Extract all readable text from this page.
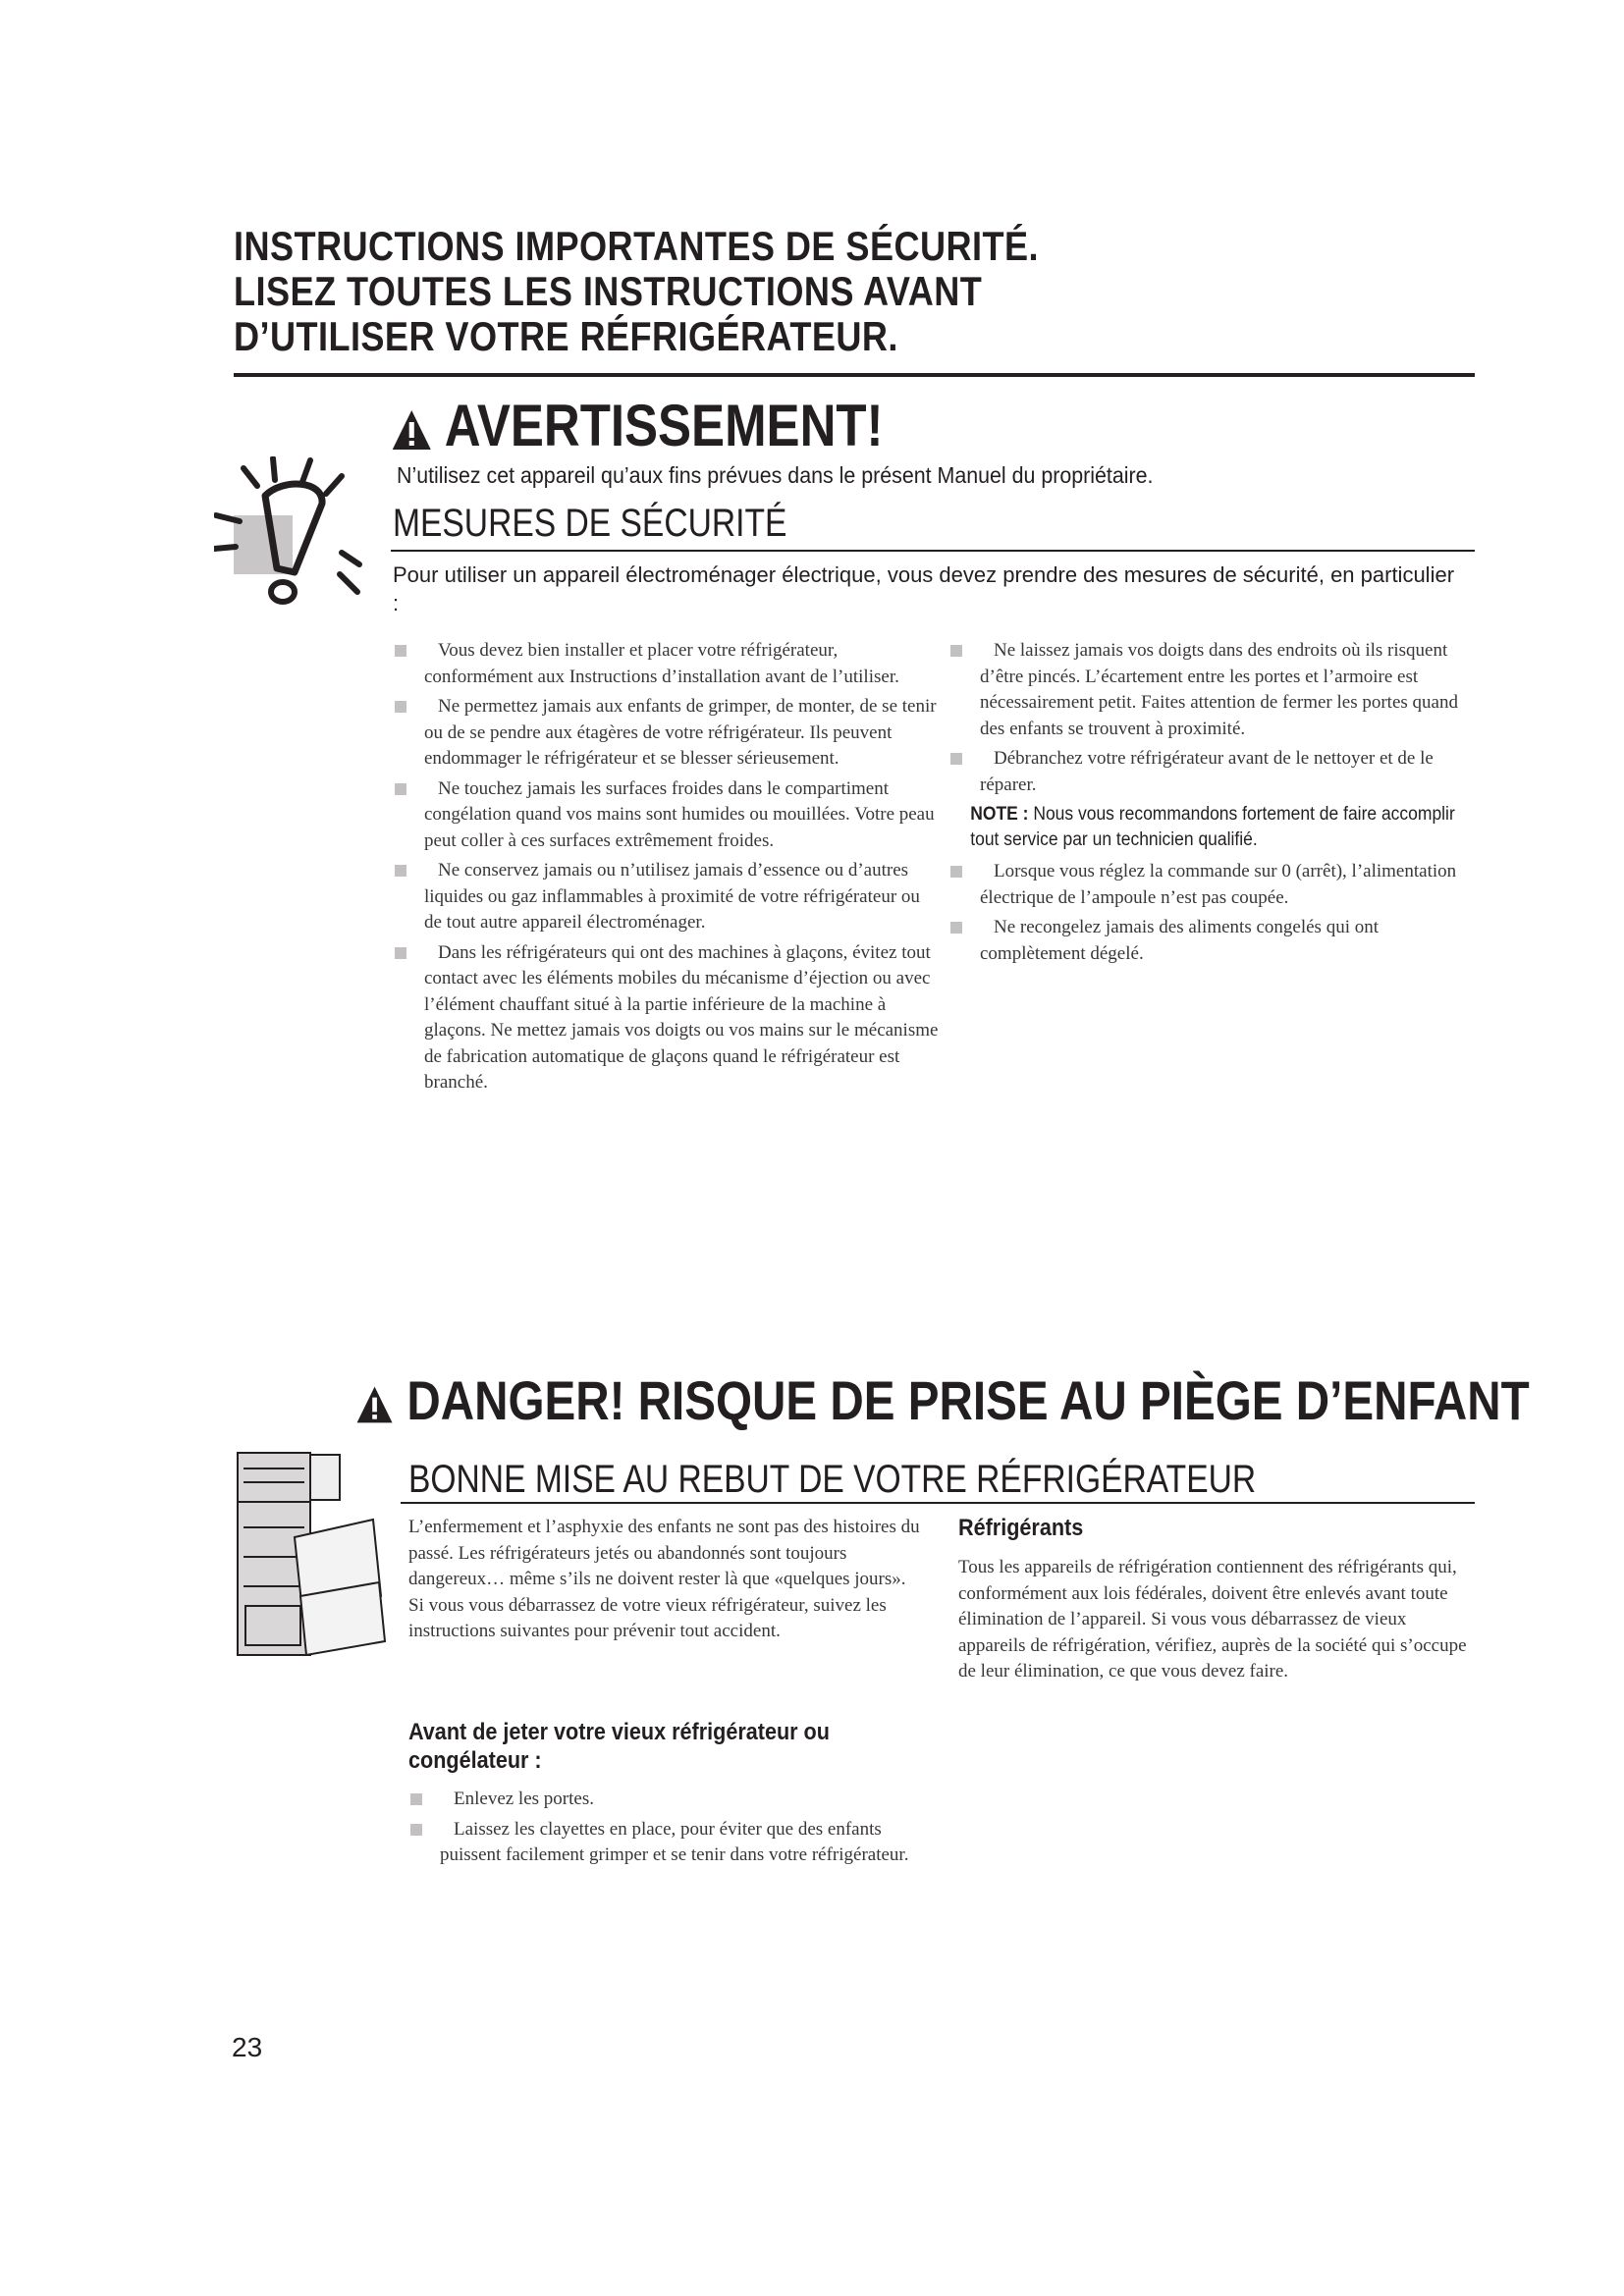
INSTRUCTIONS IMPORTANTES DE SÉCURITÉ.
LISEZ TOUTES LES INSTRUCTIONS AVANT
D’UTILISER VOTRE RÉFRIGÉRATEUR.
AVERTISSEMENT!
N’utilisez cet appareil qu’aux fins prévues dans le présent Manuel du propriétaire.
MESURES DE SÉCURITÉ
Pour utiliser un appareil électroménager électrique, vous devez prendre des mesures de sécurité, en particulier :
Vous devez bien installer et placer votre réfrigérateur, conformément aux Instructions d’installation avant de l’utiliser.
Ne permettez jamais aux enfants de grimper, de monter, de se tenir ou de se pendre aux étagères de votre réfrigérateur. Ils peuvent endommager le réfrigérateur et se blesser sérieusement.
Ne touchez jamais les surfaces froides dans le compartiment congélation quand vos mains sont humides ou mouillées. Votre peau peut coller à ces surfaces extrêmement froides.
Ne conservez jamais ou n’utilisez jamais d’essence ou d’autres liquides ou gaz inflammables à proximité de votre réfrigérateur ou de tout autre appareil électroménager.
Dans les réfrigérateurs qui ont des machines à glaçons, évitez tout contact avec les éléments mobiles du mécanisme d’éjection ou avec l’élément chauffant situé à la partie inférieure de la machine à glaçons. Ne mettez jamais vos doigts ou vos mains sur le mécanisme de fabrication automatique de glaçons quand le réfrigérateur est branché.
Ne laissez jamais vos doigts dans des endroits où ils risquent d’être pincés. L’écartement entre les portes et l’armoire est nécessairement petit. Faites attention de fermer les portes quand des enfants se trouvent à proximité.
Débranchez votre réfrigérateur avant de le nettoyer et de le réparer.
NOTE : Nous vous recommandons fortement de faire accomplir tout service par un technicien qualifié.
Lorsque vous réglez la commande sur 0 (arrêt), l’alimentation électrique de l’ampoule n’est pas coupée.
Ne recongelez jamais des aliments congelés qui ont complètement dégelé.
DANGER! RISQUE DE PRISE AU PIÈGE D’ENFANT
BONNE MISE AU REBUT DE VOTRE RÉFRIGÉRATEUR
L’enfermement et l’asphyxie des enfants ne sont pas des histoires du passé. Les réfrigérateurs jetés ou abandonnés sont toujours dangereux… même s’ils ne doivent rester là que «quelques jours».
Si vous vous débarrassez de votre vieux réfrigérateur, suivez les instructions suivantes pour prévenir tout accident.
Avant de jeter votre vieux réfrigérateur ou congélateur :
Enlevez les portes.
Laissez les clayettes en place, pour éviter que des enfants puissent facilement grimper et se tenir dans votre réfrigérateur.
Réfrigérants
Tous les appareils de réfrigération contiennent des réfrigérants qui, conformément aux lois fédérales, doivent être enlevés avant toute élimination de l’appareil. Si vous vous débarrassez de vieux appareils de réfrigération, vérifiez, auprès de la société qui s’occupe de leur élimination, ce que vous devez faire.
23
